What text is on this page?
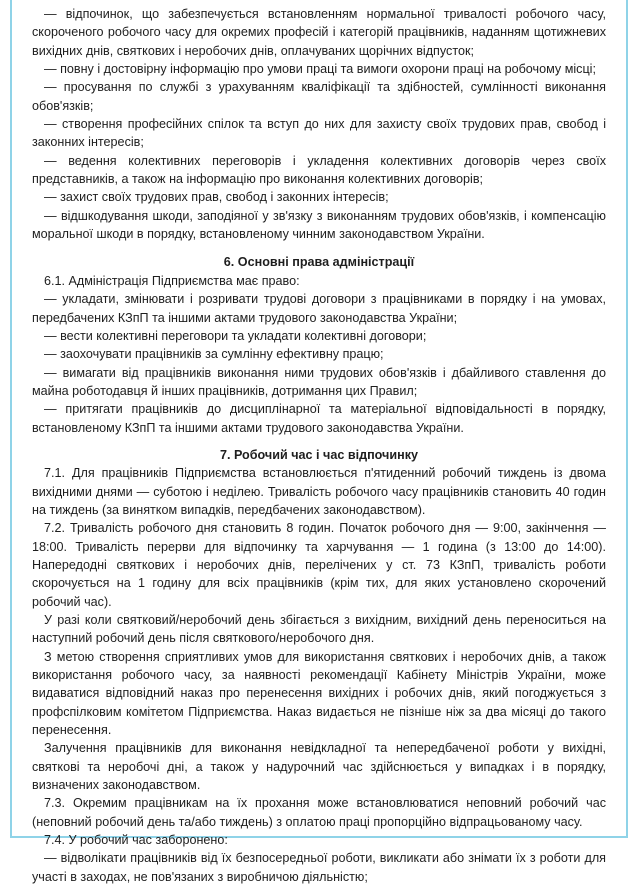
— відпочинок, що забезпечується встановленням нормальної тривалості робочого часу, скороченого робочого часу для окремих професій і категорій працівників, наданням щотижневих вихідних днів, святкових і неробочих днів, оплачуваних щорічних відпусток;

— повну і достовірну інформацію про умови праці та вимоги охорони праці на робочому місці;

— просування по службі з урахуванням кваліфікації та здібностей, сумлінності виконання обов'язків;

— створення професійних спілок та вступ до них для захисту своїх трудових прав, свобод і законних інтересів;

— ведення колективних переговорів і укладення колективних договорів через своїх представників, а також на інформацію про виконання колективних договорів;

— захист своїх трудових прав, свобод і законних інтересів;

— відшкодування шкоди, заподіяної у зв'язку з виконанням трудових обов'язків, і компенсацію моральної шкоди в порядку, встановленому чинним законодавством України.

6. Основні права адміністрації

6.1. Адміністрація Підприємства має право:

— укладати, змінювати і розривати трудові договори з працівниками в порядку і на умовах, передбачених КЗпП та іншими актами трудового законодавства України;

— вести колективні переговори та укладати колективні договори;

— заохочувати працівників за сумлінну ефективну працю;

— вимагати від працівників виконання ними трудових обов'язків і дбайливого ставлення до майна роботодавця й інших працівників, дотримання цих Правил;

— притягати працівників до дисциплінарної та матеріальної відповідальності в порядку, встановленому КЗпП та іншими актами трудового законодавства України.

7. Робочий час і час відпочинку

7.1. Для працівників Підприємства встановлюється п'ятиденний робочий тиждень із двома вихідними днями — суботою і неділею. Тривалість робочого часу працівників становить 40 годин на тиждень (за винятком випадків, передбачених законодавством).

7.2. Тривалість робочого дня становить 8 годин. Початок робочого дня — 9:00, закінчення — 18:00. Тривалість перерви для відпочинку та харчування — 1 година (з 13:00 до 14:00). Напередодні святкових і неробочих днів, перелічених у ст. 73 КЗпП, тривалість роботи скорочується на 1 годину для всіх працівників (крім тих, для яких установлено скорочений робочий час).

У разі коли святковий/неробочий день збігається з вихідним, вихідний день переноситься на наступний робочий день після святкового/неробочого дня.

З метою створення сприятливих умов для використання святкових і неробочих днів, а також використання робочого часу, за наявності рекомендації Кабінету Міністрів України, може видаватися відповідний наказ про перенесення вихідних і робочих днів, який погоджується з профспілковим комітетом Підприємства. Наказ видається не пізніше ніж за два місяці до такого перенесення.

Залучення працівників для виконання невідкладної та непередбаченої роботи у вихідні, святкові та неробочі дні, а також у надурочний час здійснюється у випадках і в порядку, визначених законодавством.

7.3. Окремим працівникам на їх прохання може встановлюватися неповний робочий час (неповний робочий день та/або тиждень) з оплатою праці пропорційно відпрацьованому часу.

7.4. У робочий час заборонено:

— відволікати працівників від їх безпосередньої роботи, викликати або знімати їх з роботи для участі в заходах, не пов'язаних з виробничою діяльністю;
